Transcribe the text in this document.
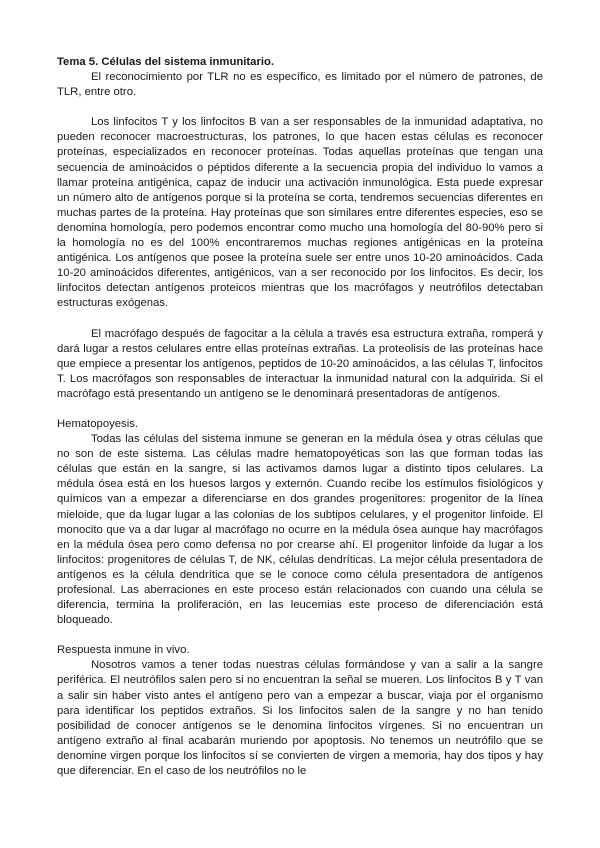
Tema 5. Células del sistema inmunitario.

El reconocimiento por TLR no es específico, es limitado por el número de patrones, de TLR, entre otro.

Los linfocitos T y los linfocitos B van a ser responsables de la inmunidad adaptativa, no pueden reconocer macroestructuras, los patrones, lo que hacen estas células es reconocer proteínas, especializados en reconocer proteínas. Todas aquellas proteínas que tengan una secuencia de aminoácidos o péptidos diferente a la secuencia propia del individuo lo vamos a llamar proteína antigénica, capaz de inducir una activación inmunológica. Esta puede expresar un número alto de antígenos porque si la proteína se corta, tendremos secuencias diferentes en muchas partes de la proteína. Hay proteínas que son similares entre diferentes especies, eso se denomina homología, pero podemos encontrar como mucho una homología del 80-90% pero si la homología no es del 100% encontraremos muchas regiones antigénicas en la proteína antigénica. Los antígenos que posee la proteína suele ser entre unos 10-20 aminoácidos. Cada 10-20 aminoácidos diferentes, antigénicos, van a ser reconocido por los linfocitos. Es decir, los linfocitos detectan antígenos proteicos mientras que los macrófagos y neutrófilos detectaban estructuras exógenas.

El macrófago después de fagocitar a la célula a través esa estructura extraña, romperá y dará lugar a restos celulares entre ellas proteínas extrañas. La proteolisis de las proteínas hace que empiece a presentar los antígenos, peptidos de 10-20 aminoácidos, a las células T, linfocitos T. Los macrófagos son responsables de interactuar la inmunidad natural con la adquirida. Si el macrófago está presentando un antígeno se le denominará presentadoras de antígenos.

Hematopoyesis.

Todas las células del sistema inmune se generan en la médula ósea y otras células que no son de este sistema. Las células madre hematopoyéticas son las que forman todas las células que están en la sangre, si las activamos damos lugar a distinto tipos celulares. La médula ósea está en los huesos largos y externón. Cuando recibe los estímulos fisiológicos y químicos van a empezar a diferenciarse en dos grandes progenitores: progenitor de la línea mieloide, que da lugar lugar a las colonias de los subtipos celulares, y el progenitor linfoide. El monocito que va a dar lugar al macrófago no ocurre en la médula ósea aunque hay macrófagos en la médula ósea pero como defensa no por crearse ahí. El progenitor linfoide da lugar a los linfocitos: progenitores de células T, de NK, células dendríticas. La mejor célula presentadora de antígenos es la célula dendrítica que se le conoce como célula presentadora de antígenos profesional. Las aberraciones en este proceso están relacionados con cuando una célula se diferencia, termina la proliferación, en las leucemias este proceso de diferenciación está bloqueado.

Respuesta inmune in vivo.

Nosotros vamos a tener todas nuestras células formándose y van a salir a la sangre periférica. El neutrófilos salen pero si no encuentran la señal se mueren. Los linfocitos B y T van a salir sin haber visto antes el antígeno pero van a empezar a buscar, viaja por el organismo para identificar los peptidos extraños. Si los linfocitos salen de la sangre y no han tenido posibilidad de conocer antígenos se le denomina linfocitos vírgenes. Si no encuentran un antígeno extraño al final acabarán muriendo por apoptosis. No tenemos un neutrófilo que se denomine virgen porque los linfocitos sí se convierten de virgen a memoria, hay dos tipos y hay que diferenciar. En el caso de los neutrófilos no le
